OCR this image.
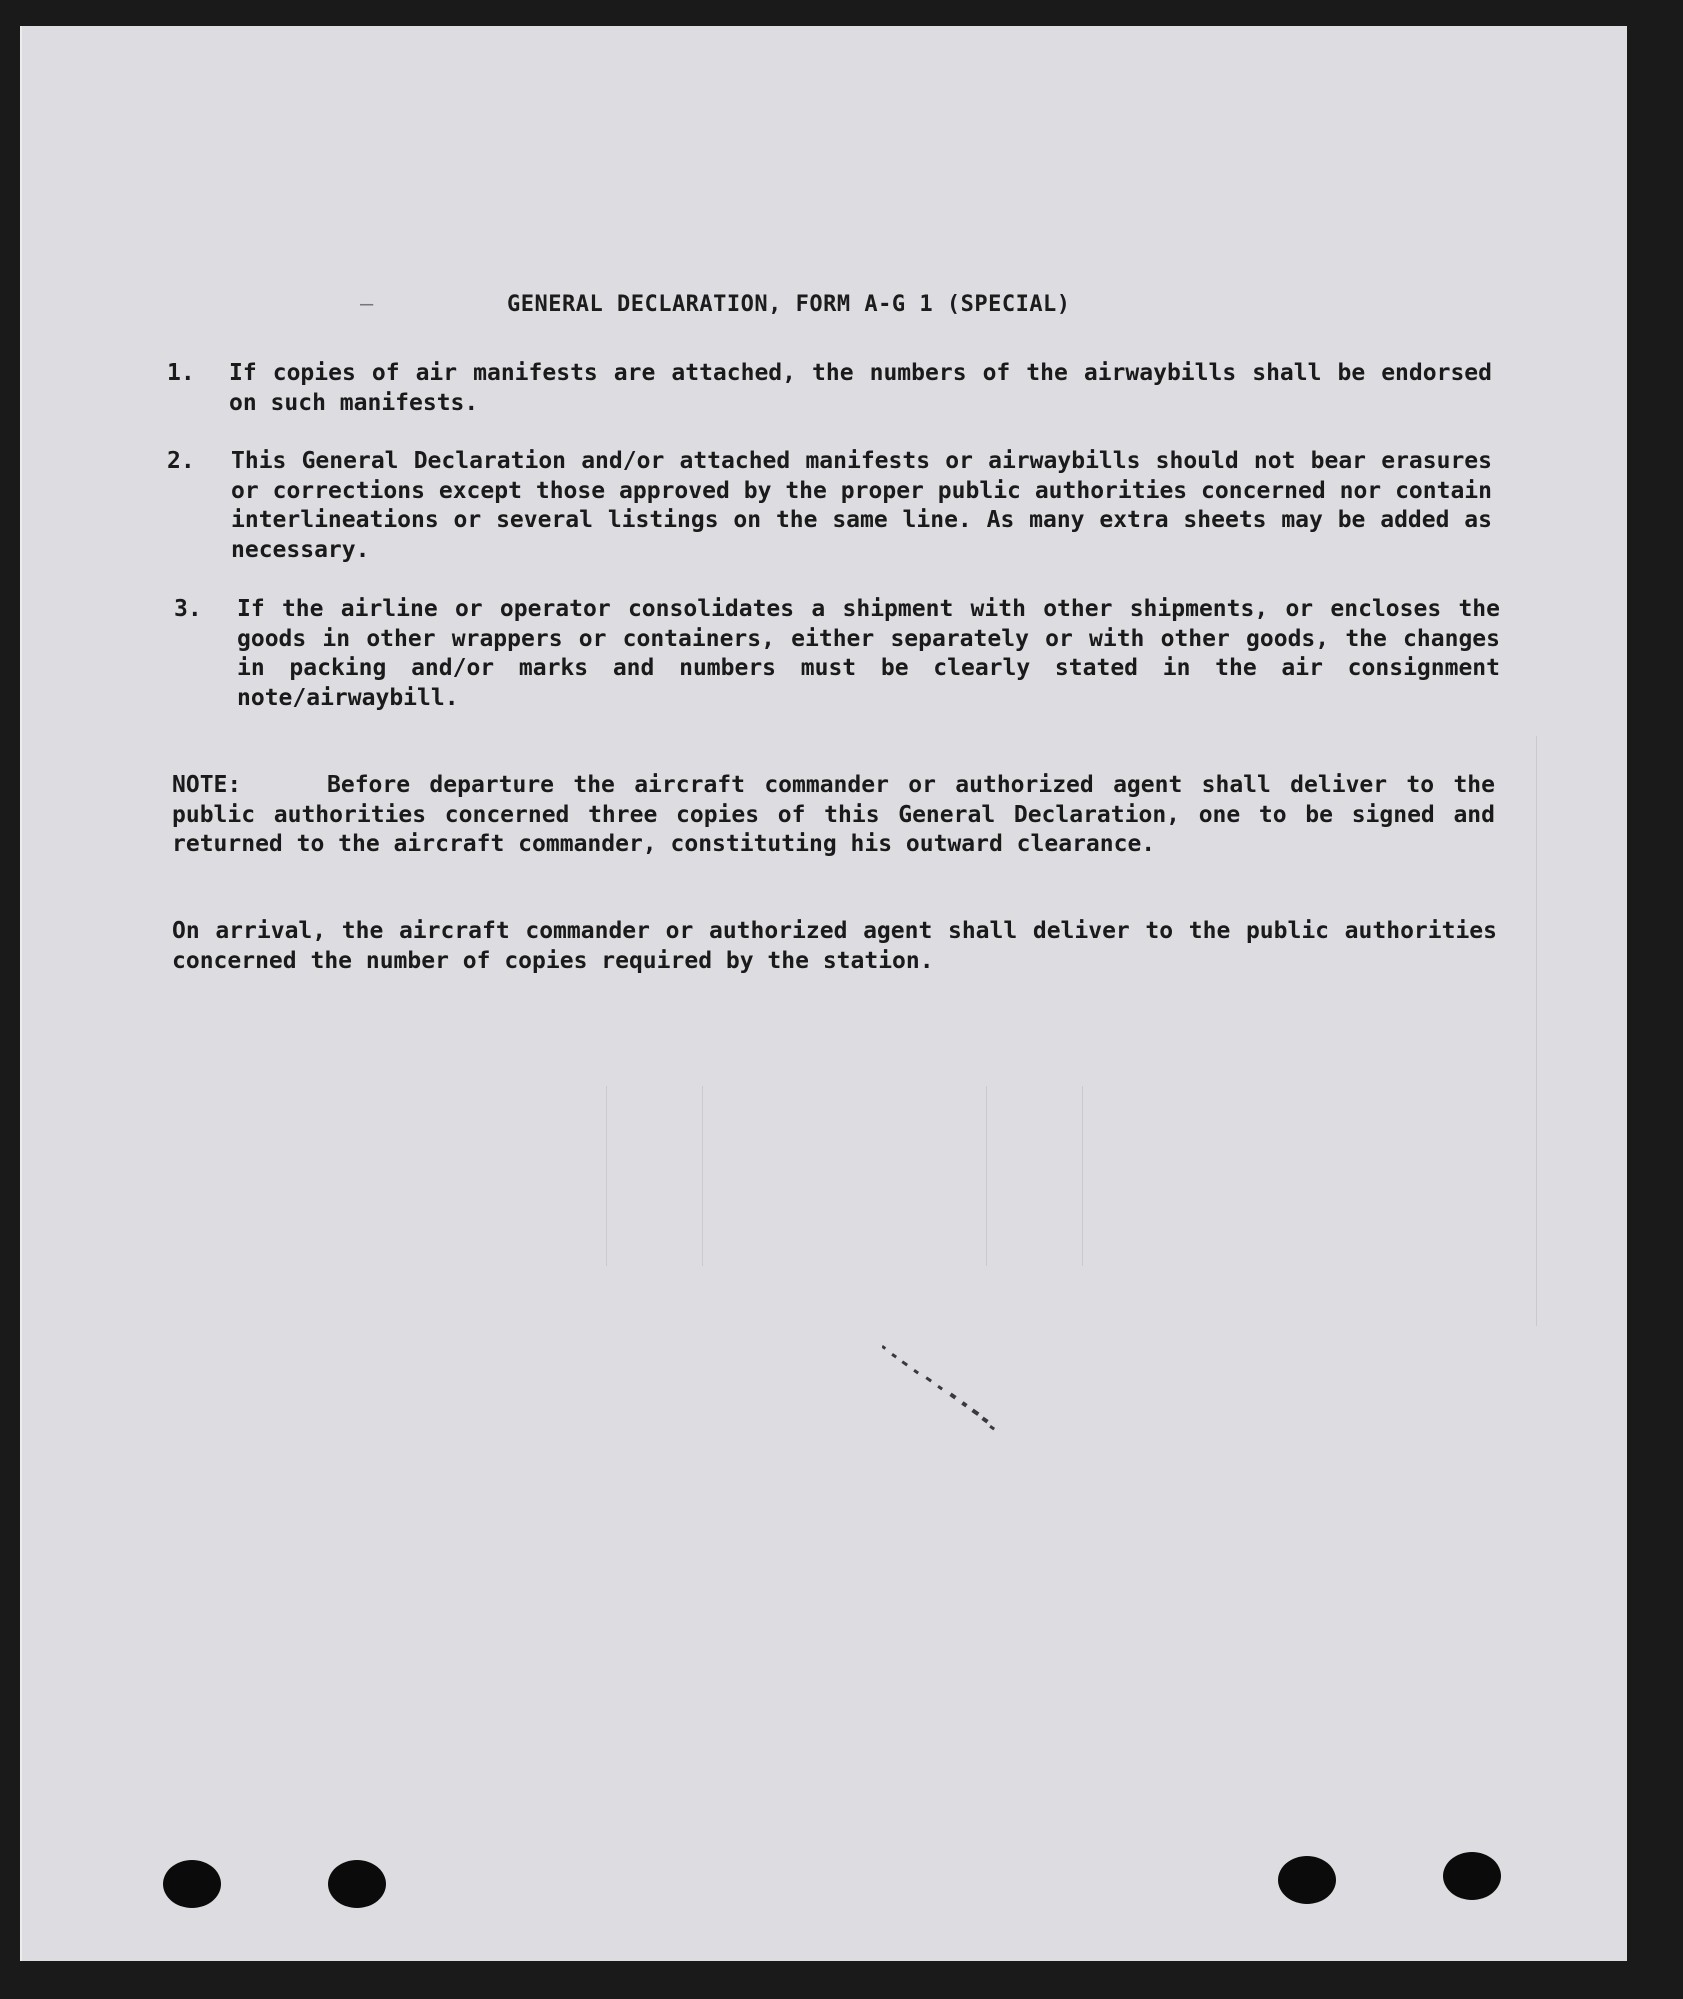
–	GENERAL DECLARATION, FORM A-G 1 (SPECIAL)
1. If copies of air manifests are attached, the numbers of the airwaybills shall be endorsed on such manifests.
2. This General Declaration and/or attached manifests or airwaybills should not bear erasures or corrections except those approved by the proper public authorities concerned nor contain interlineations or several listings on the same line. As many extra sheets may be added as necessary.
3. If the airline or operator consolidates a shipment with other shipments, or encloses the goods in other wrappers or containers, either separately or with other goods, the changes in packing and/or marks and numbers must be clearly stated in the air consignment note/airwaybill.
NOTE:	Before departure the aircraft commander or authorized agent shall deliver to the public authorities concerned three copies of this General Declaration, one to be signed and returned to the aircraft commander, constituting his outward clearance.
On arrival, the aircraft commander or authorized agent shall deliver to the public authorities concerned the number of copies required by the station.
